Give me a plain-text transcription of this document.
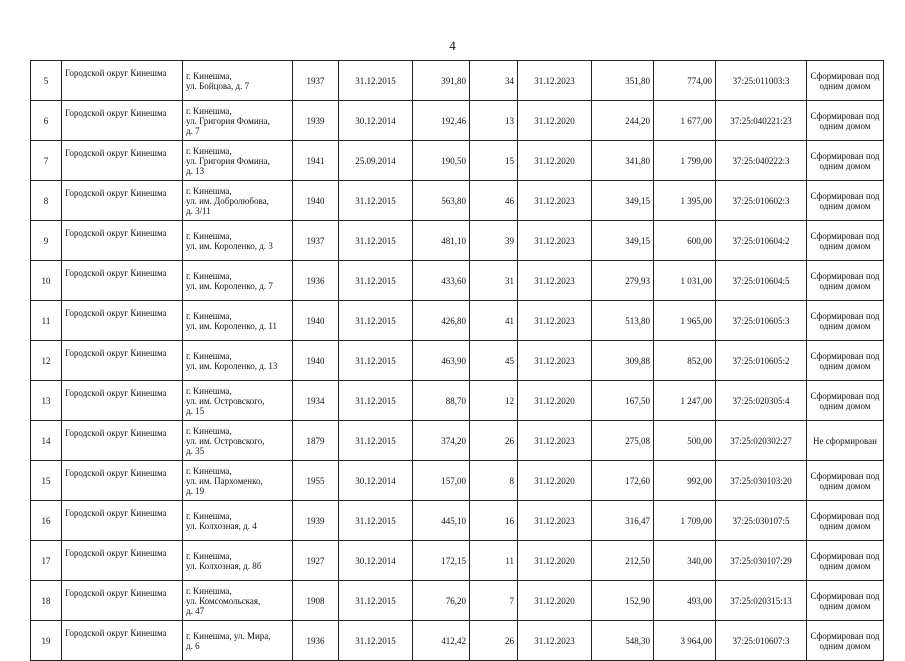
4
5	Городской округ Кинешма	г. Кинешма,
ул. Бойцова, д. 7	1937	31.12.2015	391,80	34	31.12.2023	351,80	774,00	37:25:011003:3	Сформирован под одним домом
6	Городской округ Кинешма	г. Кинешма,
ул. Григория Фомина,
д. 7	1939	30.12.2014	192,46	13	31.12.2020	244,20	1 677,00	37:25:040221:23	Сформирован под одним домом
7	Городской округ Кинешма	г. Кинешма,
ул. Григория Фомина,
д. 13	1941	25.09.2014	190,50	15	31.12.2020	341,80	1 799,00	37:25:040222:3	Сформирован под одним домом
8	Городской округ Кинешма	г. Кинешма,
ул. им. Добролюбова,
д. 3/11	1940	31.12.2015	563,80	46	31.12.2023	349,15	1 395,00	37:25:010602:3	Сформирован под одним домом
9	Городской округ Кинешма	г. Кинешма,
ул. им. Короленко, д. 3	1937	31.12.2015	481,10	39	31.12.2023	349,15	600,00	37:25:010604:2	Сформирован под одним домом
10	Городской округ Кинешма	г. Кинешма,
ул. им. Короленко, д. 7	1936	31.12.2015	433,60	31	31.12.2023	279,93	1 031,00	37:25:010604:5	Сформирован под одним домом
11	Городской округ Кинешма	г. Кинешма,
ул. им. Короленко, д. 11	1940	31.12.2015	426,80	41	31.12.2023	513,80	1 965,00	37:25:010605:3	Сформирован под одним домом
12	Городской округ Кинешма	г. Кинешма,
ул. им. Короленко, д. 13	1940	31.12.2015	463,90	45	31.12.2023	309,88	852,00	37:25:010605:2	Сформирован под одним домом
13	Городской округ Кинешма	г. Кинешма,
ул. им. Островского,
д. 15	1934	31.12.2015	88,70	12	31.12.2020	167,50	1 247,00	37:25:020305:4	Сформирован под одним домом
14	Городской округ Кинешма	г. Кинешма,
ул. им. Островского,
д. 35	1879	31.12.2015	374,20	26	31.12.2023	275,08	500,00	37:25:020302:27	Не сформирован
15	Городской округ Кинешма	г. Кинешма,
ул. им. Пархоменко,
д. 19	1955	30.12.2014	157,00	8	31.12.2020	172,60	992,00	37:25:030103:20	Сформирован под одним домом
16	Городской округ Кинешма	г. Кинешма,
ул. Колхозная, д. 4	1939	31.12.2015	445,10	16	31.12.2023	316,47	1 709,00	37:25:030107:5	Сформирован под одним домом
17	Городской округ Кинешма	г. Кинешма,
ул. Колхозная, д. 8б	1927	30.12.2014	172,15	11	31.12.2020	212,50	340,00	37:25:030107:29	Сформирован под одним домом
18	Городской округ Кинешма	г. Кинешма,
ул. Комсомольская,
д. 47	1908	31.12.2015	76,20	7	31.12.2020	152,90	493,00	37:25:020315:13	Сформирован под одним домом
19	Городской округ Кинешма	г. Кинешма, ул. Мира,
д. 6	1936	31.12.2015	412,42	26	31.12.2023	548,30	3 964,00	37:25:010607:3	Сформирован под одним домом
